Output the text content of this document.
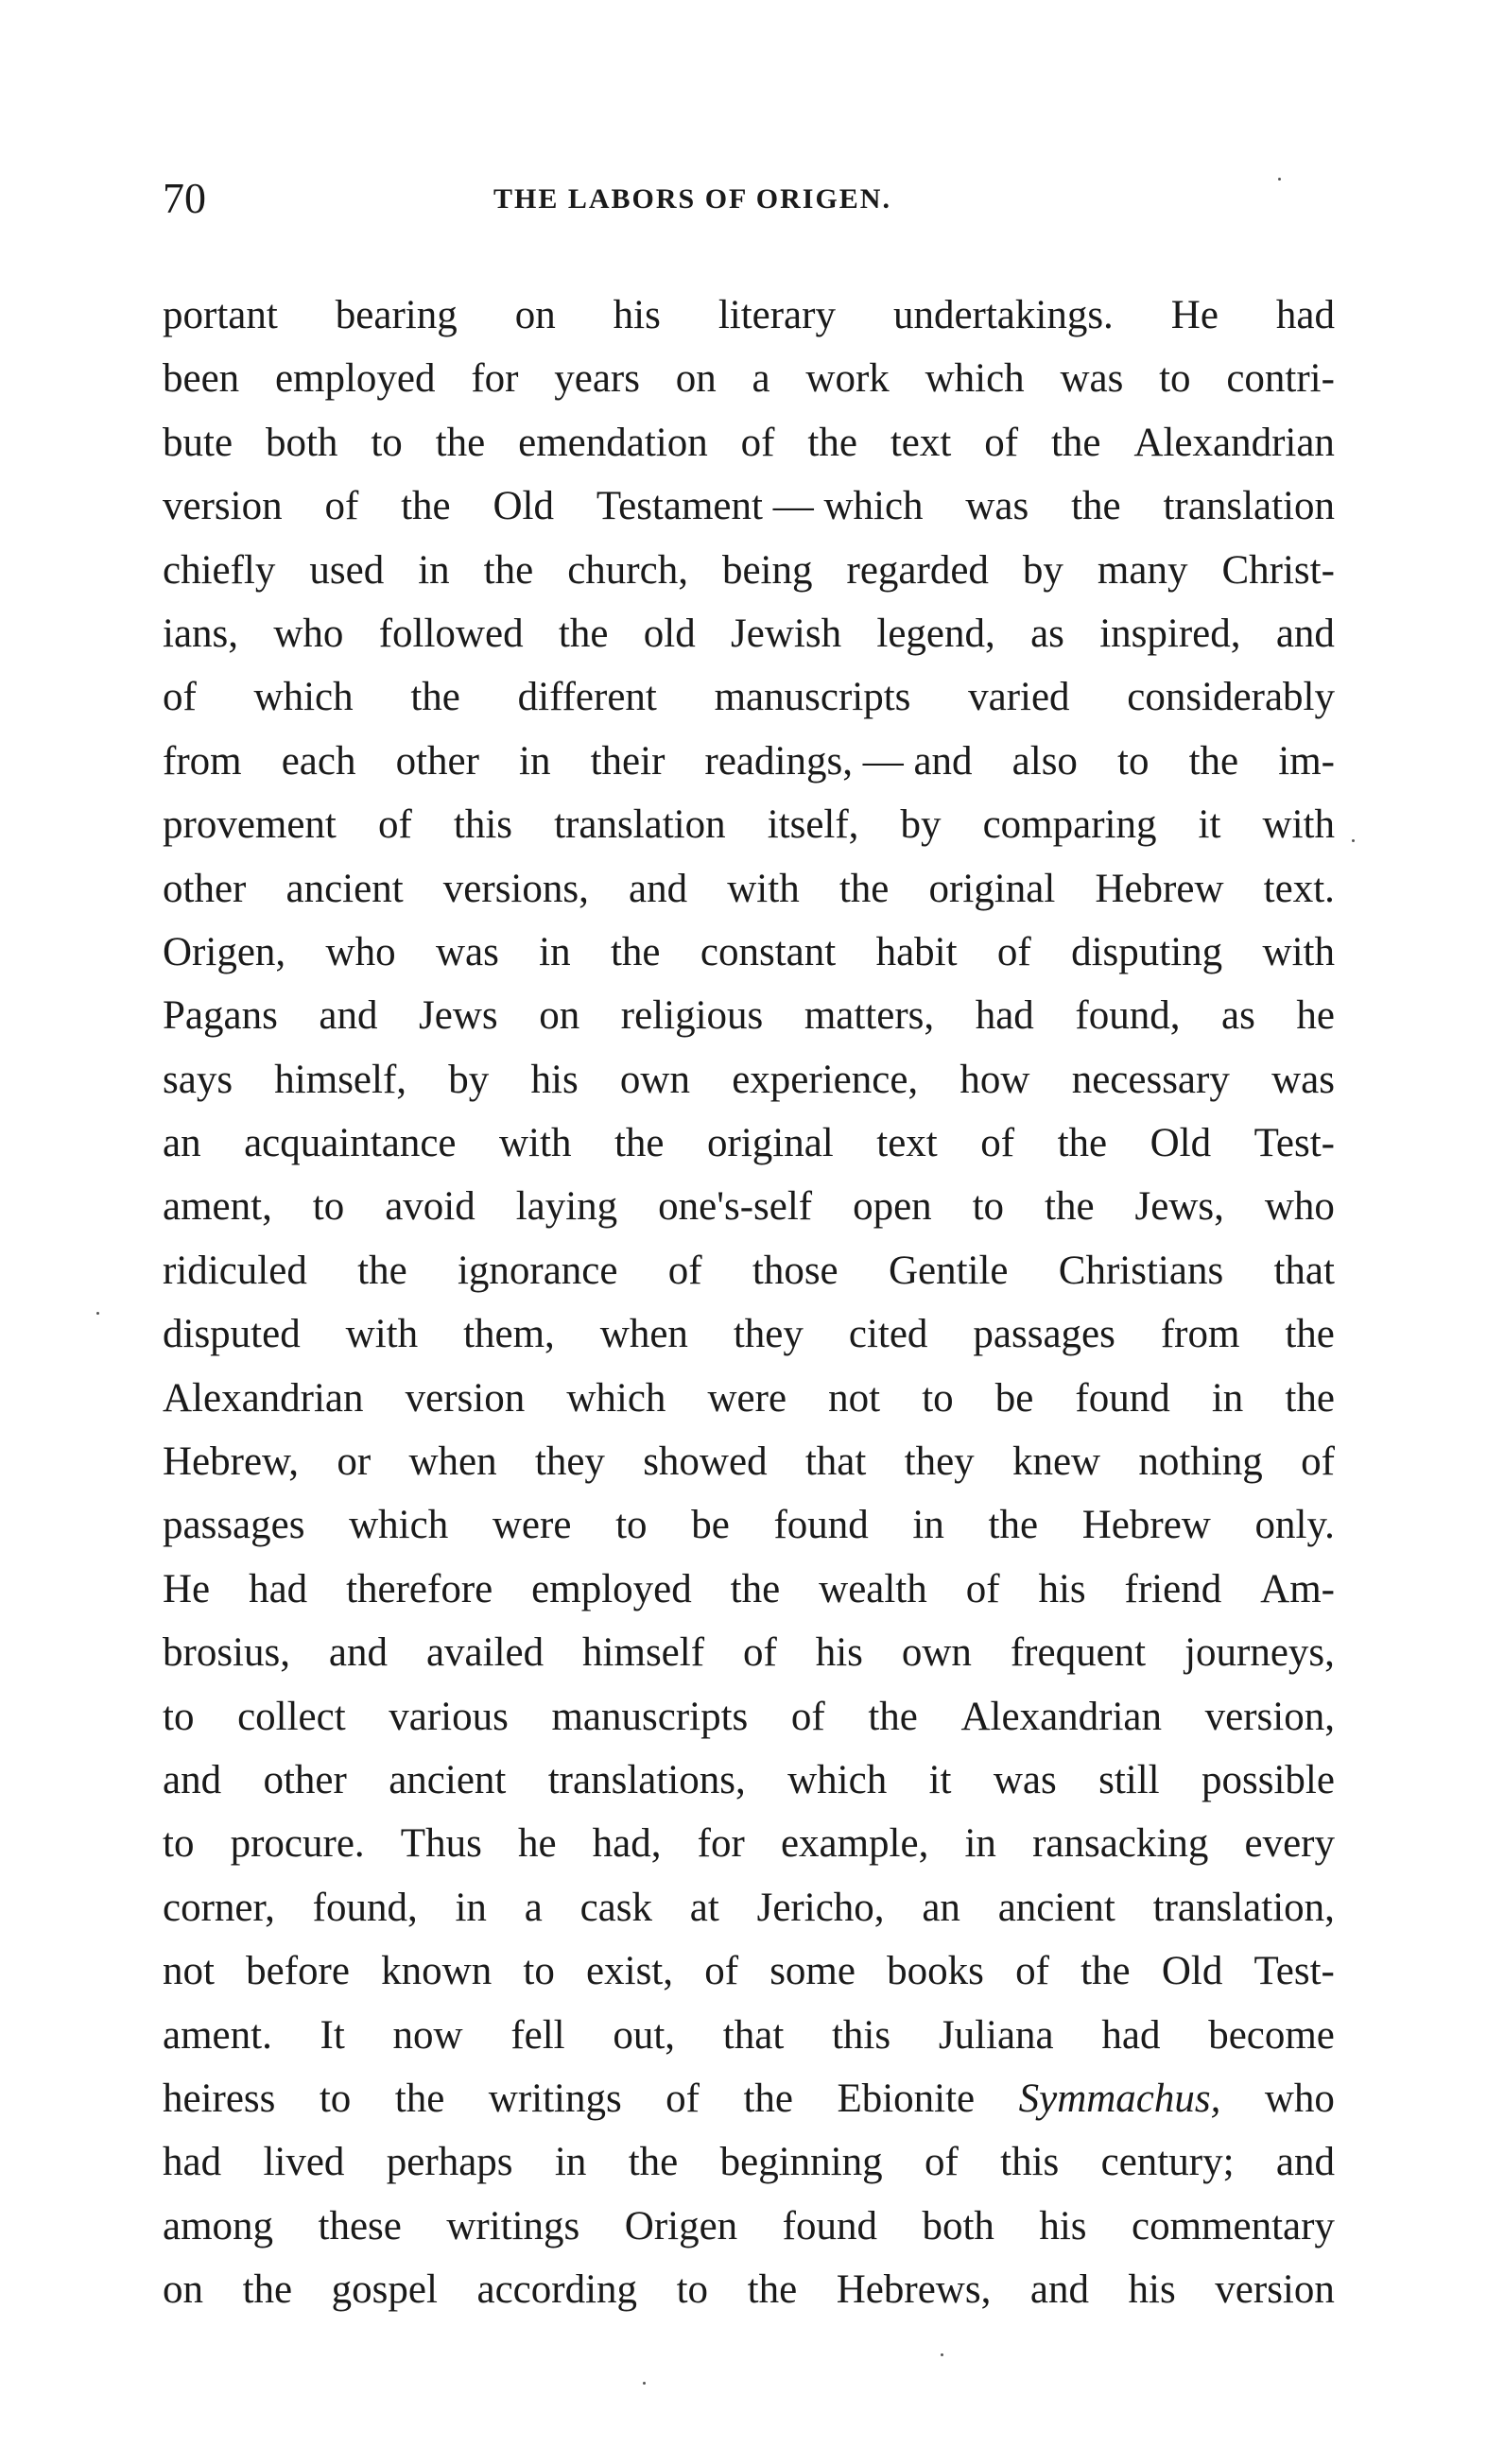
70	THE LABORS OF ORIGEN.
portant bearing on his literary undertakings. He had
been employed for years on a work which was to contri-
bute both to the emendation of the text of the Alexandrian
version of the Old Testament — which was the translation
chiefly used in the church, being regarded by many Christ-
ians, who followed the old Jewish legend, as inspired, and
of which the different manuscripts varied considerably
from each other in their readings, — and also to the im-
provement of this translation itself, by comparing it with
other ancient versions, and with the original Hebrew text.
Origen, who was in the constant habit of disputing with
Pagans and Jews on religious matters, had found, as he
says himself, by his own experience, how necessary was
an acquaintance with the original text of the Old Test-
ament, to avoid laying one's-self open to the Jews, who
ridiculed the ignorance of those Gentile Christians that
disputed with them, when they cited passages from the
Alexandrian version which were not to be found in the
Hebrew, or when they showed that they knew nothing of
passages which were to be found in the Hebrew only.
He had therefore employed the wealth of his friend Am-
brosius, and availed himself of his own frequent journeys,
to collect various manuscripts of the Alexandrian version,
and other ancient translations, which it was still possible
to procure. Thus he had, for example, in ransacking every
corner, found, in a cask at Jericho, an ancient translation,
not before known to exist, of some books of the Old Test-
ament. It now fell out, that this Juliana had become
heiress to the writings of the Ebionite Symmachus, who
had lived perhaps in the beginning of this century; and
among these writings Origen found both his commentary
on the gospel according to the Hebrews, and his version
